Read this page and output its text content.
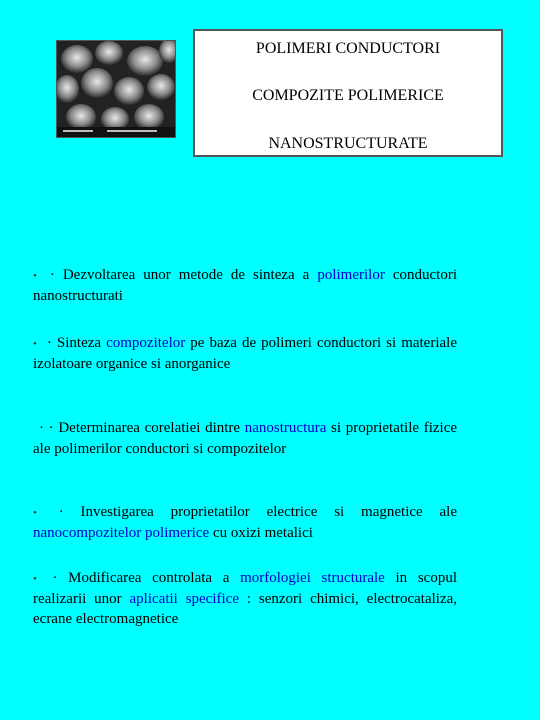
POLIMERI CONDUCTORI
COMPOZITE POLIMERICE
NANOSTRUCTURATE
• · Dezvoltarea unor metode de sinteza a polimerilor conductori nanostructurati
• · Sinteza compozitelor pe baza de polimeri conductori si materiale izolatoare organice si anorganice
· · Determinarea corelatiei dintre nanostructura si proprietatile fizice ale polimerilor conductori si compozitelor
• · Investigarea proprietatilor electrice si magnetice ale nanocompozitelor polimerice cu oxizi metalici
• · Modificarea controlata a morfologiei structurale in scopul realizarii unor aplicatii specifice : senzori chimici, electrocataliza, ecrane electromagnetice
